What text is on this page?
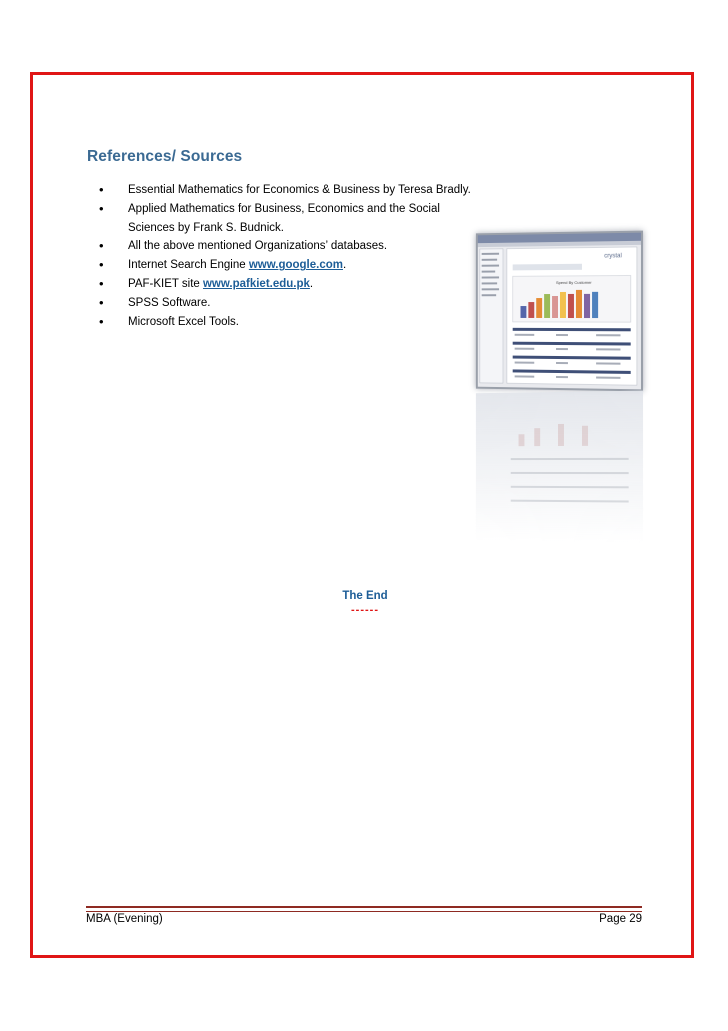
References/ Sources
• Essential Mathematics for Economics & Business by Teresa Bradly.
• Applied Mathematics for Business, Economics and the Social
Sciences by Frank S. Budnick.
• All the above mentioned Organizations’ databases.
• Internet Search Engine www.google.com.
• PAF-KIET site www.pafkiet.edu.pk.
• SPSS Software.
• Microsoft Excel Tools.
crystal
Spend By Customer
The End
------
MBA (Evening)	Page 29
